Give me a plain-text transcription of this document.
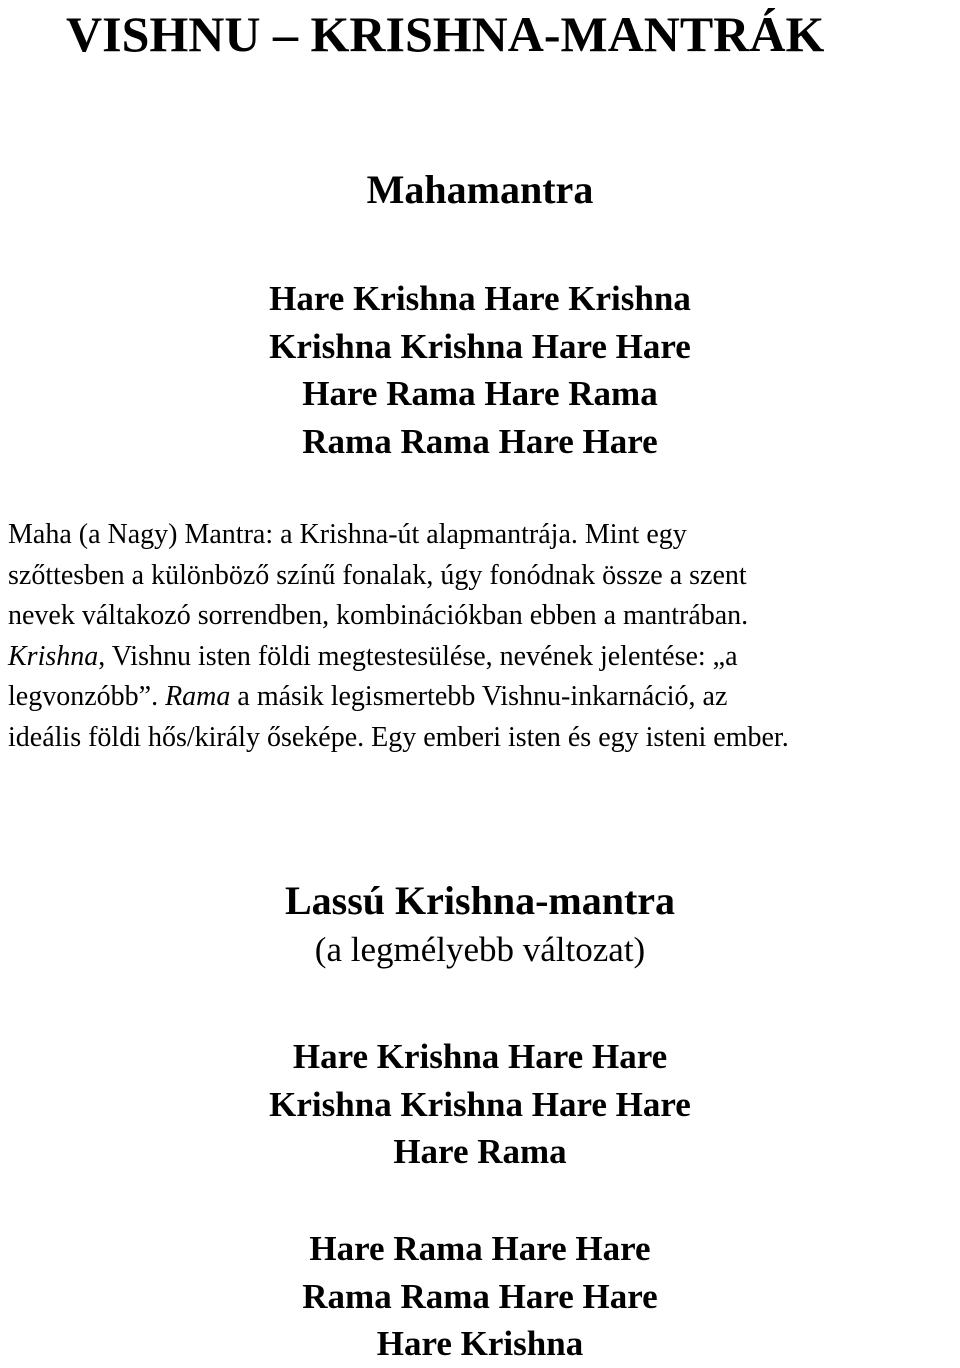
VISHNU – KRISHNA-MANTRÁK
Mahamantra
Hare Krishna Hare Krishna
Krishna Krishna Hare Hare
Hare Rama Hare Rama
Rama Rama Hare Hare
Maha (a Nagy) Mantra: a Krishna-út alapmantrája. Mint egy
szőttesben a különböző színű fonalak, úgy fonódnak össze a szent
nevek váltakozó sorrendben, kombinációkban ebben a mantrában.
Krishna, Vishnu isten földi megtestesülése, nevének jelentése: „a
legvonzóbb”. Rama a másik legismertebb Vishnu-inkarnáció, az
ideális földi hős/király őseképe. Egy emberi isten és egy isteni ember.
Lassú Krishna-mantra
(a legmélyebb változat)
Hare Krishna Hare Hare
Krishna Krishna Hare Hare
Hare Rama
Hare Rama Hare Hare
Rama Rama Hare Hare
Hare Krishna
